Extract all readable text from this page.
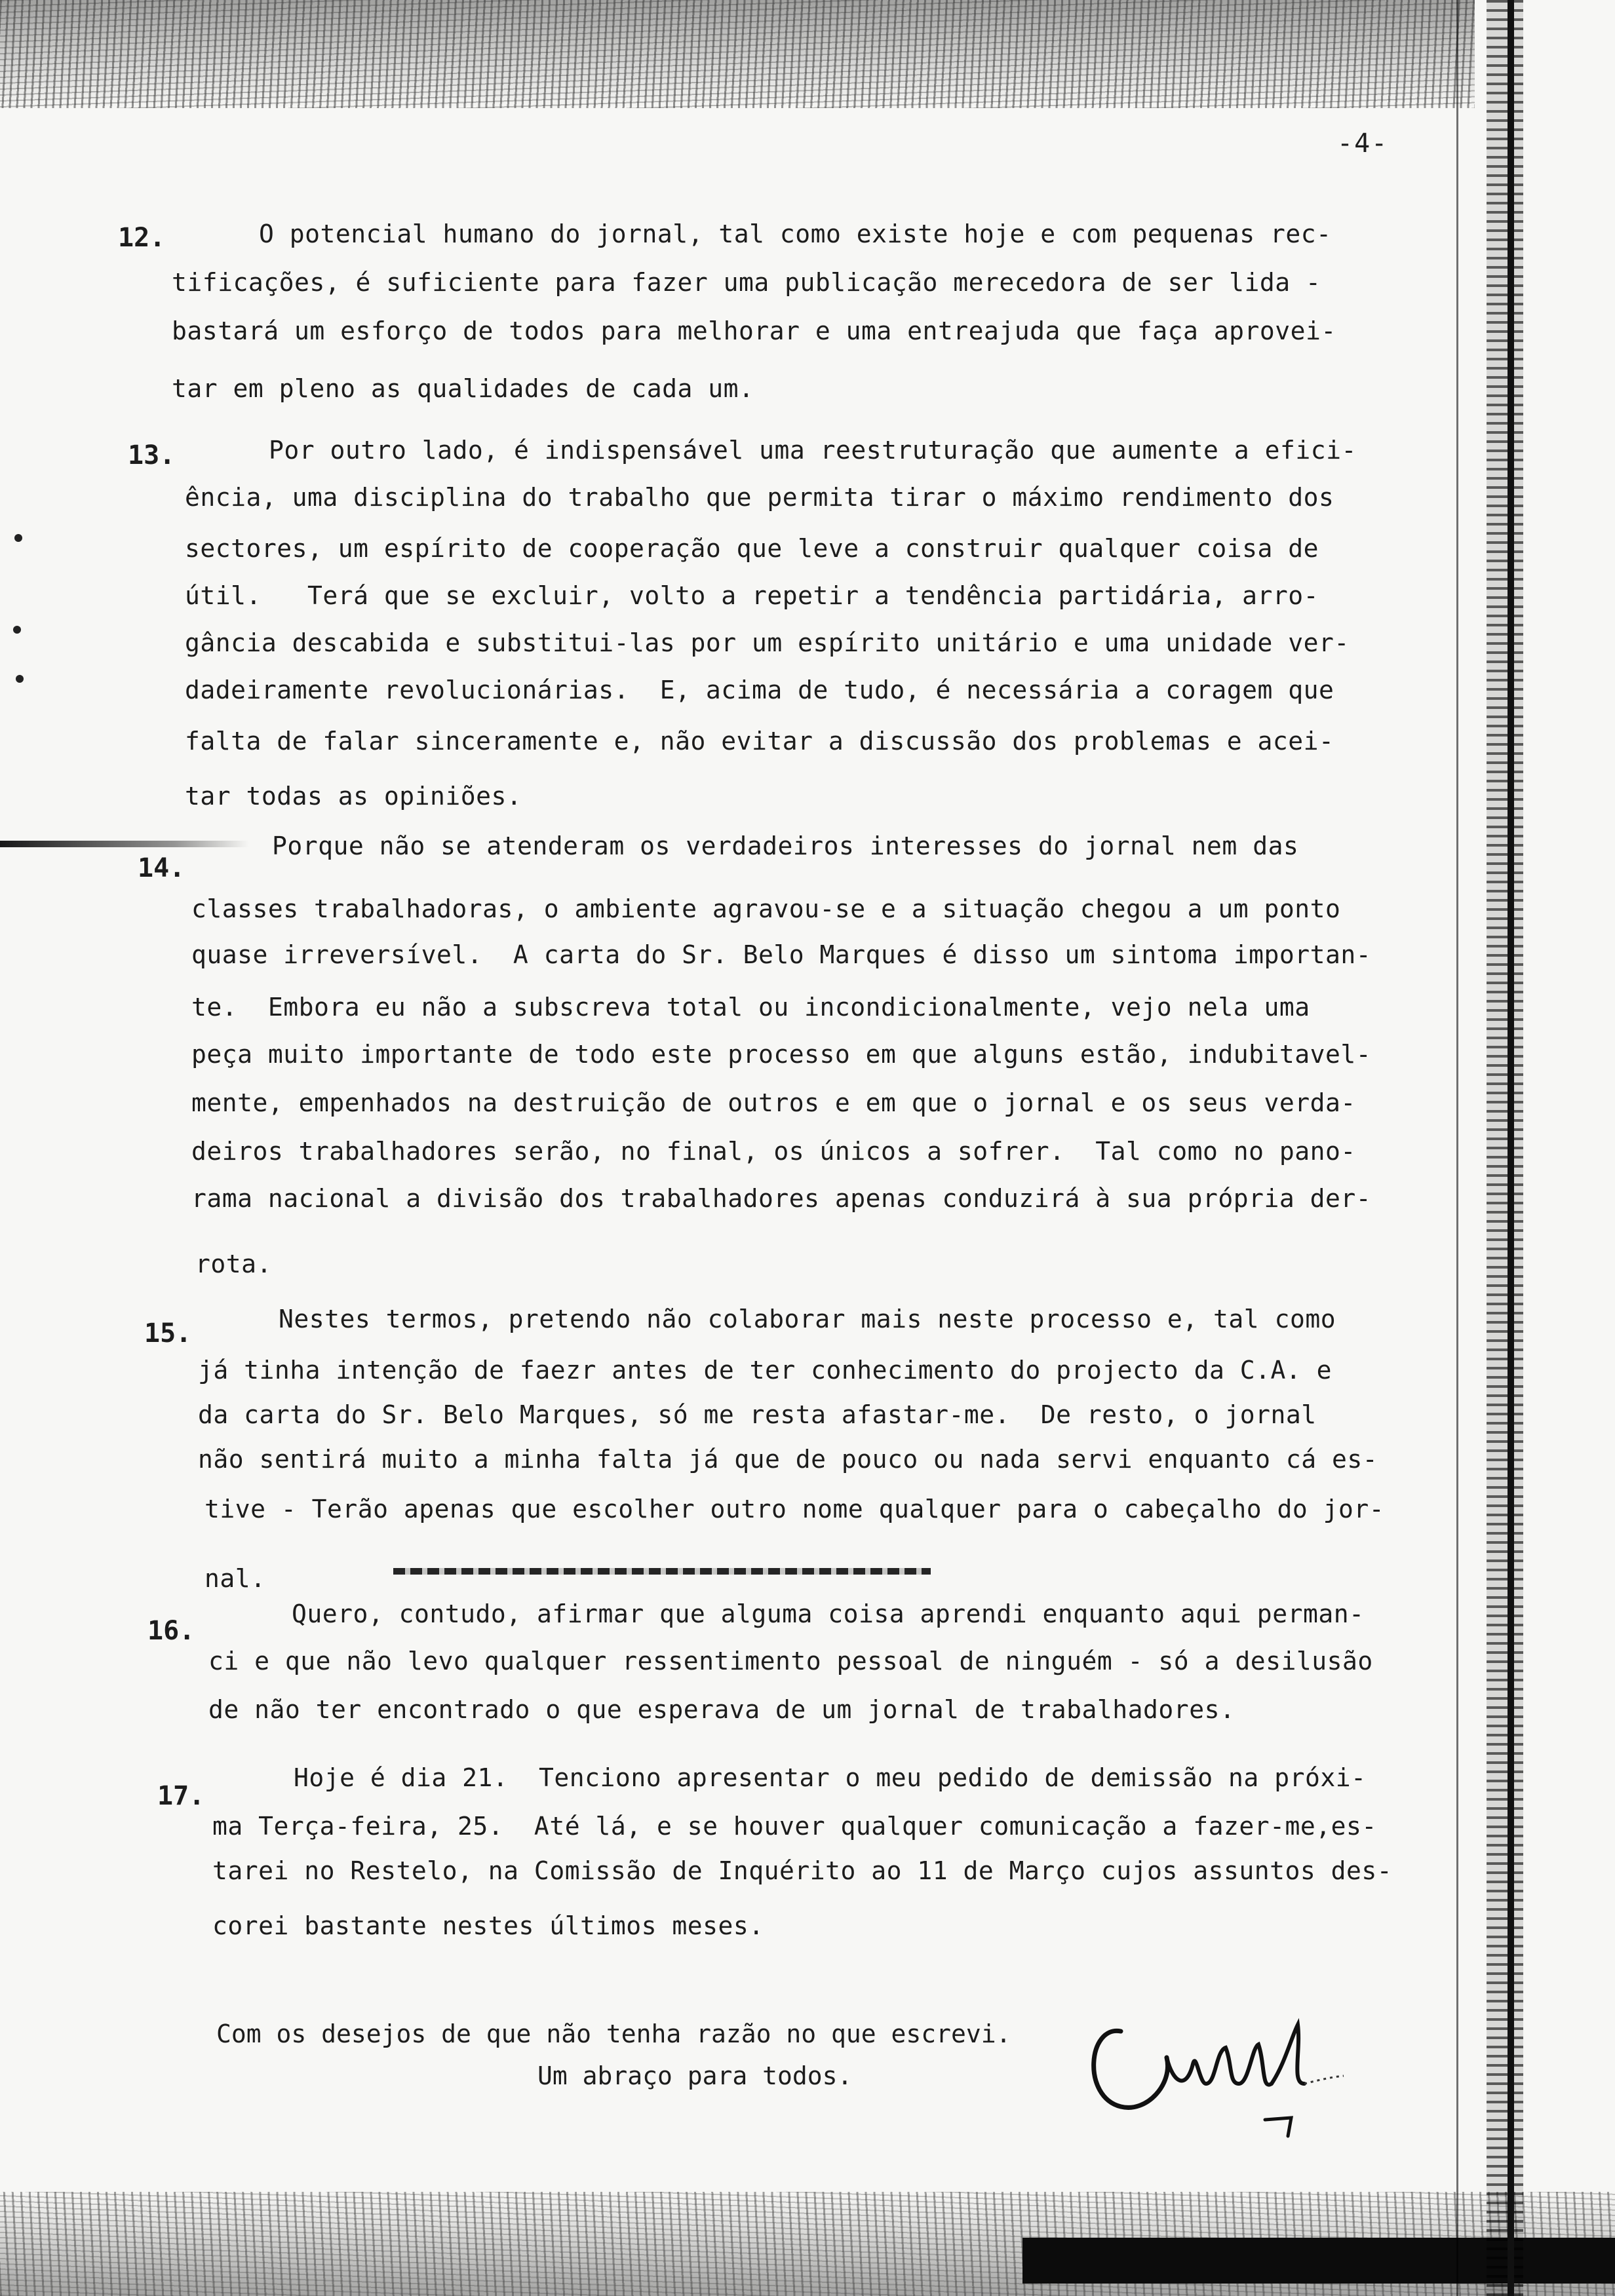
-4-
12.	O potencial humano do jornal, tal como existe hoje e com pequenas rec-
tificações, é suficiente para fazer uma publicação merecedora de ser lida -
bastará um esforço de todos para melhorar e uma entreajuda que faça aprovei-
tar em pleno as qualidades de cada um.
13.	Por outro lado, é indispensável uma reestruturação que aumente a efici-
ência, uma disciplina do trabalho que permita tirar o máximo rendimento dos
sectores, um espírito de cooperação que leve a construir qualquer coisa de
útil.   Terá que se excluir, volto a repetir a tendência partidária, arro-
gância descabida e substitui-las por um espírito unitário e uma unidade ver-
dadeiramente revolucionárias.  E, acima de tudo, é necessária a coragem que
falta de falar sinceramente e, não evitar a discussão dos problemas e acei-
tar todas as opiniões.
14.
Porque não se atenderam os verdadeiros interesses do jornal nem das
classes trabalhadoras, o ambiente agravou-se e a situação chegou a um ponto
quase irreversível.  A carta do Sr. Belo Marques é disso um sintoma importan-
te.  Embora eu não a subscreva total ou incondicionalmente, vejo nela uma
peça muito importante de todo este processo em que alguns estão, indubitavel-
mente, empenhados na destruição de outros e em que o jornal e os seus verda-
deiros trabalhadores serão, no final, os únicos a sofrer.  Tal como no pano-
rama nacional a divisão dos trabalhadores apenas conduzirá à sua própria der-
rota.
15.	Nestes termos, pretendo não colaborar mais neste processo e, tal como
já tinha intenção de faezr antes de ter conhecimento do projecto da C.A. e
da carta do Sr. Belo Marques, só me resta afastar-me.  De resto, o jornal
não sentirá muito a minha falta já que de pouco ou nada servi enquanto cá es-
tive - Terão apenas que escolher outro nome qualquer para o cabeçalho do jor-
nal.
16.
Quero, contudo, afirmar que alguma coisa aprendi enquanto aqui perman-
ci e que não levo qualquer ressentimento pessoal de ninguém - só a desilusão
de não ter encontrado o que esperava de um jornal de trabalhadores.
17.
Hoje é dia 21.  Tenciono apresentar o meu pedido de demissão na próxi-
ma Terça-feira, 25.  Até lá, e se houver qualquer comunicação a fazer-me,es-
tarei no Restelo, na Comissão de Inquérito ao 11 de Março cujos assuntos des-
corei bastante nestes últimos meses.
Com os desejos de que não tenha razão no que escrevi.
Um abraço para todos.
